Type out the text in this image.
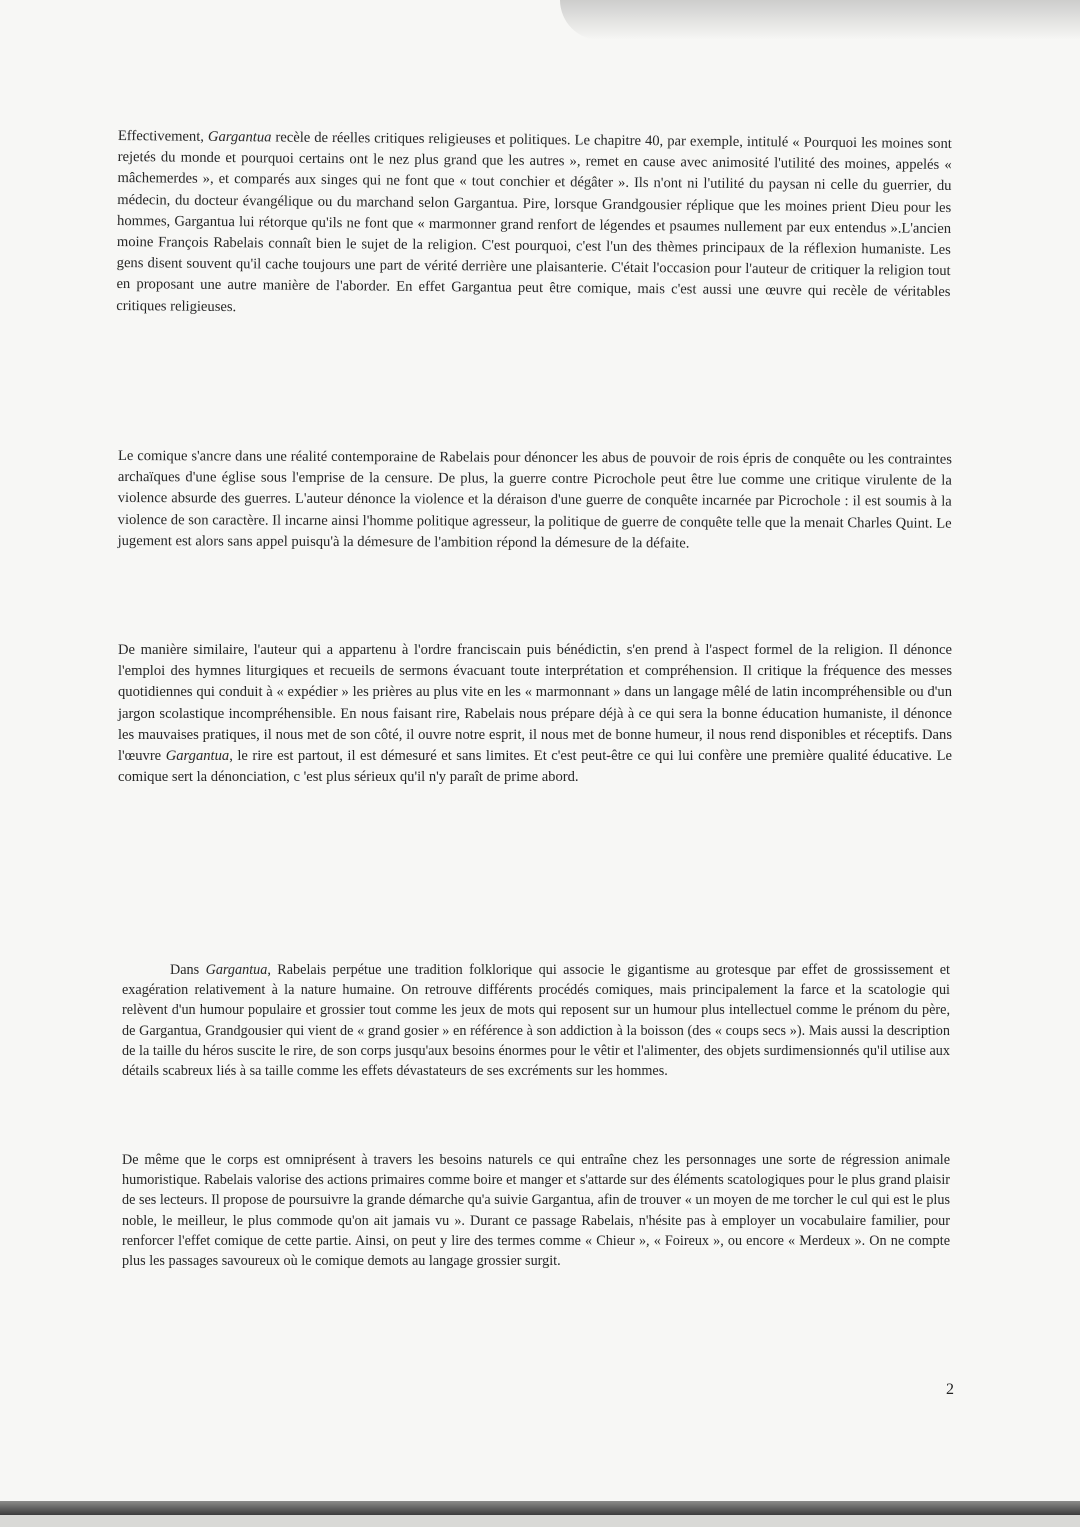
Effectivement, Gargantua recèle de réelles critiques religieuses et politiques. Le chapitre 40, par exemple, intitulé « Pourquoi les moines sont rejetés du monde et pourquoi certains ont le nez plus grand que les autres », remet en cause avec animosité l'utilité des moines, appelés « mâchemerdes », et comparés aux singes qui ne font que « tout conchier et dégâter ». Ils n'ont ni l'utilité du paysan ni celle du guerrier, du médecin, du docteur évangélique ou du marchand selon Gargantua. Pire, lorsque Grandgousier réplique que les moines prient Dieu pour les hommes, Gargantua lui rétorque qu'ils ne font que « marmonner grand renfort de légendes et psaumes nullement par eux entendus ».L'ancien moine François Rabelais connaît bien le sujet de la religion. C'est pourquoi, c'est l'un des thèmes principaux de la réflexion humaniste. Les gens disent souvent qu'il cache toujours une part de vérité derrière une plaisanterie. C'était l'occasion pour l'auteur de critiquer la religion tout en proposant une autre manière de l'aborder. En effet Gargantua peut être comique, mais c'est aussi une œuvre qui recèle de véritables critiques religieuses.

Le comique s'ancre dans une réalité contemporaine de Rabelais pour dénoncer les abus de pouvoir de rois épris de conquête ou les contraintes archaïques d'une église sous l'emprise de la censure. De plus, la guerre contre Picrochole peut être lue comme une critique virulente de la violence absurde des guerres. L'auteur dénonce la violence et la déraison d'une guerre de conquête incarnée par Picrochole : il est soumis à la violence de son caractère. Il incarne ainsi l'homme politique agresseur, la politique de guerre de conquête telle que la menait Charles Quint. Le jugement est alors sans appel puisqu'à la démesure de l'ambition répond la démesure de la défaite.

De manière similaire, l'auteur qui a appartenu à l'ordre franciscain puis bénédictin, s'en prend à l'aspect formel de la religion. Il dénonce l'emploi des hymnes liturgiques et recueils de sermons évacuant toute interprétation et compréhension. Il critique la fréquence des messes quotidiennes qui conduit à « expédier » les prières au plus vite en les « marmonnant » dans un langage mêlé de latin incompréhensible ou d'un jargon scolastique incompréhensible. En nous faisant rire, Rabelais nous prépare déjà à ce qui sera la bonne éducation humaniste, il dénonce les mauvaises pratiques, il nous met de son côté, il ouvre notre esprit, il nous met de bonne humeur, il nous rend disponibles et réceptifs. Dans l'œuvre Gargantua, le rire est partout, il est démesuré et sans limites. Et c'est peut-être ce qui lui confère une première qualité éducative. Le comique sert la dénonciation, c 'est plus sérieux qu'il n'y paraît de prime abord.

Dans Gargantua, Rabelais perpétue une tradition folklorique qui associe le gigantisme au grotesque par effet de grossissement et exagération relativement à la nature humaine. On retrouve différents procédés comiques, mais principalement la farce et la scatologie qui relèvent d'un humour populaire et grossier tout comme les jeux de mots qui reposent sur un humour plus intellectuel comme le prénom du père, de Gargantua, Grandgousier qui vient de « grand gosier » en référence à son addiction à la boisson (des « coups secs »). Mais aussi la description de la taille du héros suscite le rire, de son corps jusqu'aux besoins énormes pour le vêtir et l'alimenter, des objets surdimensionnés qu'il utilise aux détails scabreux liés à sa taille comme les effets dévastateurs de ses excréments sur les hommes.

De même que le corps est omniprésent à travers les besoins naturels ce qui entraîne chez les personnages une sorte de régression animale humoristique. Rabelais valorise des actions primaires comme boire et manger et s'attarde sur des éléments scatologiques pour le plus grand plaisir de ses lecteurs. Il propose de poursuivre la grande démarche qu'a suivie Gargantua, afin de trouver « un moyen de me torcher le cul qui est le plus noble, le meilleur, le plus commode qu'on ait jamais vu ». Durant ce passage Rabelais, n'hésite pas à employer un vocabulaire familier, pour renforcer l'effet comique de cette partie. Ainsi, on peut y lire des termes comme « Chieur », « Foireux », ou encore « Merdeux ». On ne compte plus les passages savoureux où le comique demots au langage grossier surgit.

2
